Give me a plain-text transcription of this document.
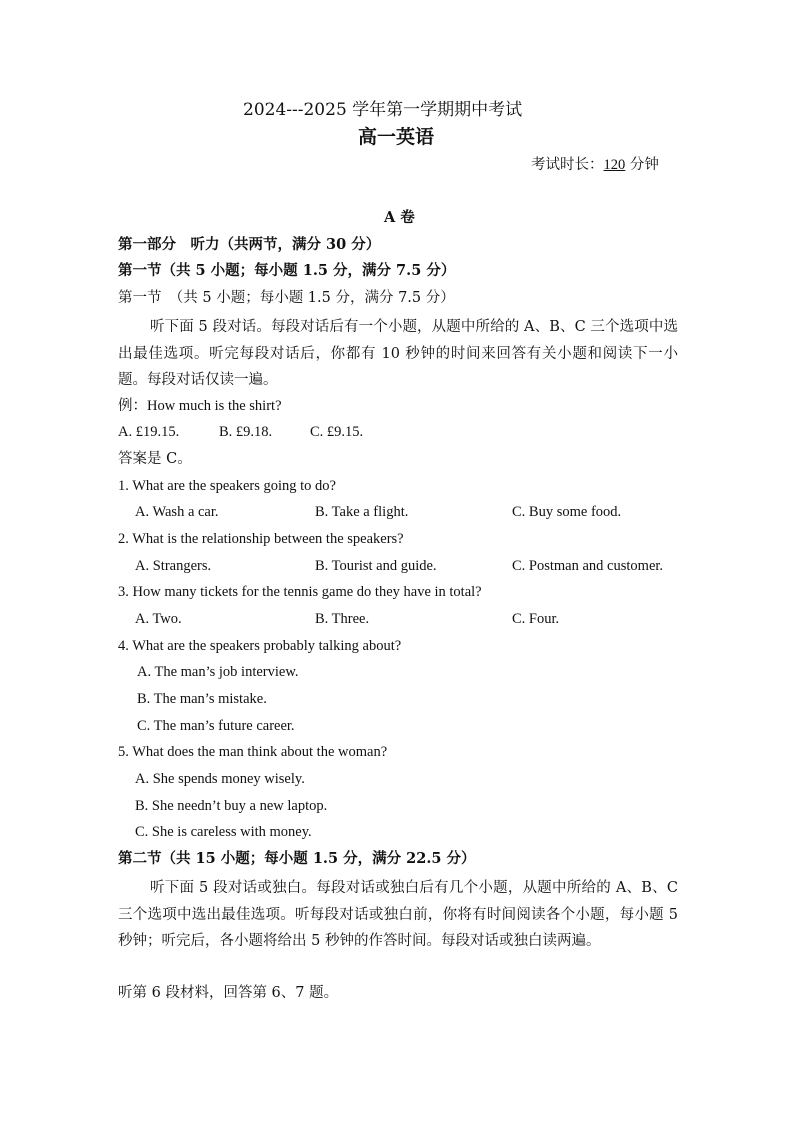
2024---2025 学年第一学期期中考试
高一英语
考试时长：120 分钟
A 卷
第一部分　听力（共两节，满分 30 分）
第一节（共 5 小题；每小题 1.5 分，满分 7.5 分）
第一节　（共 5 小题；每小题 1.5 分，满分 7.5 分）
听下面 5 段对话。每段对话后有一个小题，从题中所给的 A、B、C 三个选项中选出最佳选项。听完每段对话后，你都有 10 秒钟的时间来回答有关小题和阅读下一小题。每段对话仅读一遍。
例：How much is the shirt?
A. £19.15.	B. £9.18.	C. £9.15.
答案是 C。
1. What are the speakers going to do?
A. Wash a car.	B. Take a flight.	C. Buy some food.
2. What is the relationship between the speakers?
A. Strangers.	B. Tourist and guide.	C. Postman and customer.
3. How many tickets for the tennis game do they have in total?
A. Two.	B. Three.	C. Four.
4. What are the speakers probably talking about?
A. The man’s job interview.
B. The man’s mistake.
C. The man’s future career.
5. What does the man think about the woman?
A. She spends money wisely.
B. She needn’t buy a new laptop.
C. She is careless with money.
第二节（共 15 小题；每小题 1.5 分，满分 22.5 分）
听下面 5 段对话或独白。每段对话或独白后有几个小题，从题中所给的 A、B、C 三个选项中选出最佳选项。听每段对话或独白前，你将有时间阅读各个小题，每小题 5 秒钟；听完后，各小题将给出 5 秒钟的作答时间。每段对话或独白读两遍。
听第 6 段材料，回答第 6、7 题。
